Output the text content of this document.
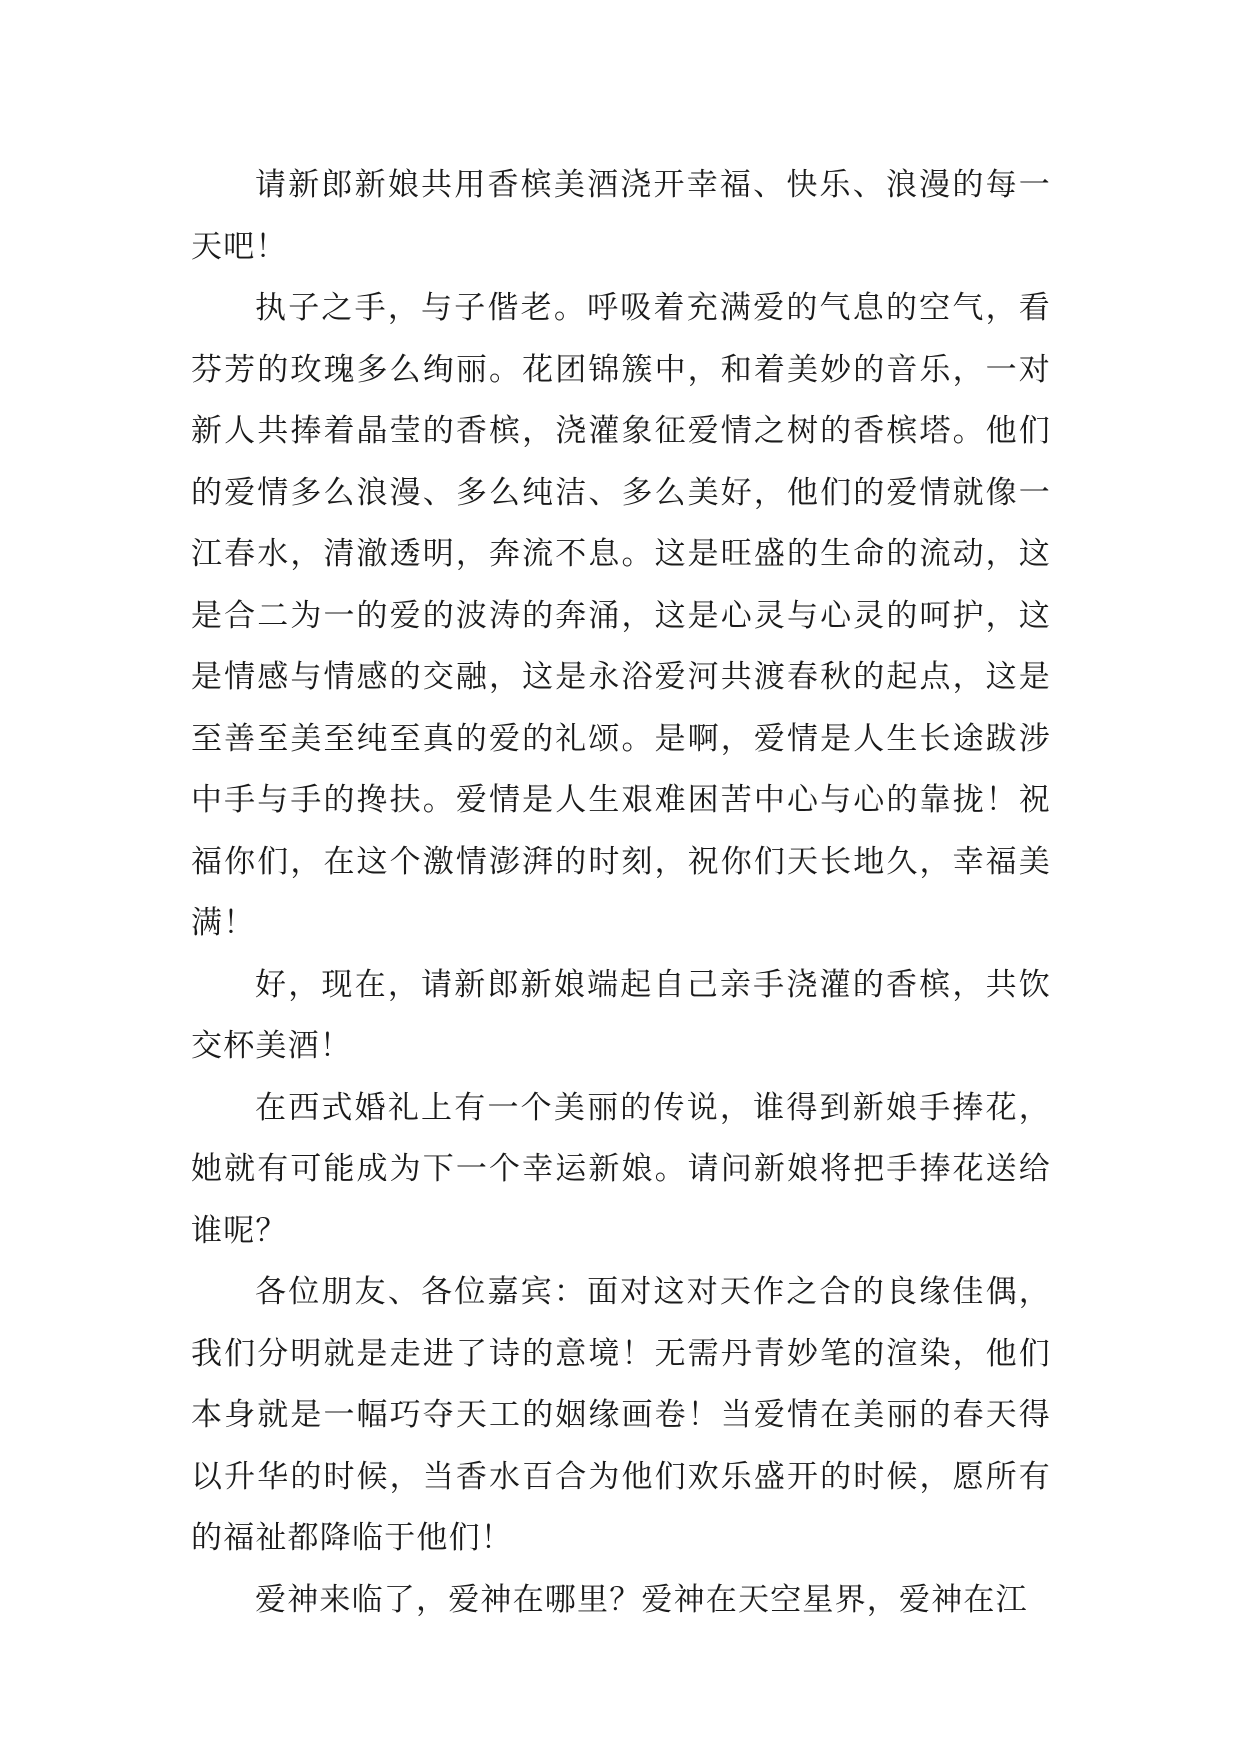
请新郎新娘共用香槟美酒浇开幸福、快乐、浪漫的每一天吧！

执子之手，与子偕老。呼吸着充满爱的气息的空气，看芬芳的玫瑰多么绚丽。花团锦簇中，和着美妙的音乐，一对新人共捧着晶莹的香槟，浇灌象征爱情之树的香槟塔。他们的爱情多么浪漫、多么纯洁、多么美好，他们的爱情就像一江春水，清澈透明，奔流不息。这是旺盛的生命的流动，这是合二为一的爱的波涛的奔涌，这是心灵与心灵的呵护，这是情感与情感的交融，这是永浴爱河共渡春秋的起点，这是至善至美至纯至真的爱的礼颂。是啊，爱情是人生长途跋涉中手与手的搀扶。爱情是人生艰难困苦中心与心的靠拢！祝福你们，在这个激情澎湃的时刻，祝你们天长地久，幸福美满！

好，现在，请新郎新娘端起自己亲手浇灌的香槟，共饮交杯美酒！

在西式婚礼上有一个美丽的传说，谁得到新娘手捧花，她就有可能成为下一个幸运新娘。请问新娘将把手捧花送给谁呢？

各位朋友、各位嘉宾：面对这对天作之合的良缘佳偶，我们分明就是走进了诗的意境！无需丹青妙笔的渲染，他们本身就是一幅巧夺天工的姻缘画卷！当爱情在美丽的春天得以升华的时候，当香水百合为他们欢乐盛开的时候，愿所有的福祉都降临于他们！

爱神来临了，爱神在哪里？爱神在天空星界，爱神在江
